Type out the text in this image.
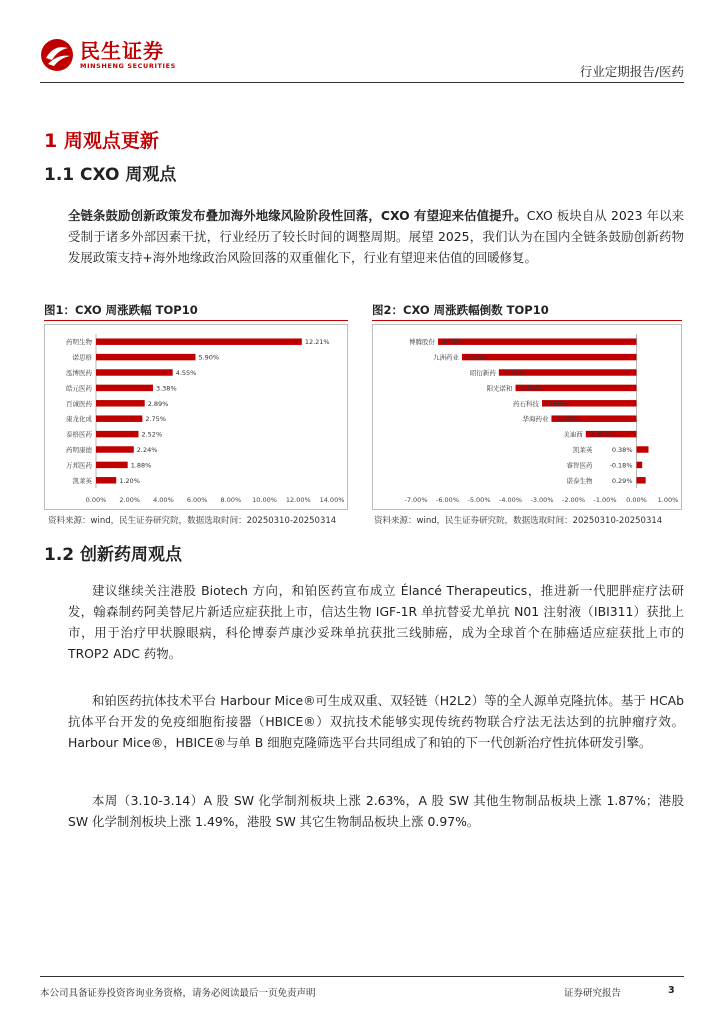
民生证券
MINSHENG SECURITIES	行业定期报告/医药
1 周观点更新
1.1 CXO 周观点

全链条鼓励创新政策发布叠加海外地缘风险阶段性回落，CXO 有望迎来估值提升。CXO 板块自从 2023 年以来受制于诸多外部因素干扰，行业经历了较长时间的调整周期。展望 2025，我们认为在国内全链条鼓励创新药物发展政策支持+海外地缘政治风险回落的双重催化下，行业有望迎来估值的回暖修复。

图1：CXO 周涨跌幅 TOP10
0.00% 2.00% 4.00% 6.00% 8.00% 10.00% 12.00% 14.00%
药明生物	12.21%
诺思格	5.90%
泓博医药	4.55%
皓元医药	3.38%
百诚医药	2.89%
康龙化成	2.75%
泰格医药	2.52%
药明康德	2.24%
万邦医药	1.88%
凯莱英	1.20%
资料来源：wind，民生证券研究院，数据选取时间：20250310-20250314
图2：CXO 周涨跌幅倒数 TOP10
-7.00% -6.00% -5.00% -4.00% -3.00% -2.00% -1.00% 0.00% 1.00%
博腾股份 -6.30%
九洲药业 -5.54%
昭衍新药 -4.37%
阳光诺和 -3.84%
药石科技 -3.00%
华海药业 -2.70%
美迪西 -1.61%
凯莱英	0.38%
睿智医药	-0.18%
诺泰生物	0.29%
资料来源：wind，民生证券研究院，数据选取时间：20250310-20250314
1.2 创新药周观点

建议继续关注港股 Biotech 方向，和铂医药宣布成立 Élancé Therapeutics，推进新一代肥胖症疗法研发，翰森制药阿美替尼片新适应症获批上市，信达生物 IGF-1R 单抗替妥尤单抗 N01 注射液（IBI311）获批上市，用于治疗甲状腺眼病，科伦博泰芦康沙妥珠单抗获批三线肺癌，成为全球首个在肺癌适应症获批上市的 TROP2 ADC 药物。

和铂医药抗体技术平台 Harbour Mice®可生成双重、双轻链（H2L2）等的全人源单克隆抗体。基于 HCAb 抗体平台开发的免疫细胞衔接器（HBICE®）双抗技术能够实现传统药物联合疗法无法达到的抗肿瘤疗效。Harbour Mice®，HBICE®与单 B 细胞克隆筛选平台共同组成了和铂的下一代创新治疗性抗体研发引擎。

本周（3.10-3.14）A 股 SW 化学制剂板块上涨 2.63%，A 股 SW 其他生物制品板块上涨 1.87%；港股 SW 化学制剂板块上涨 1.49%，港股 SW 其它生物制品板块上涨 0.97%。

本公司具备证券投资咨询业务资格，请务必阅读最后一页免责声明	证券研究报告	3
